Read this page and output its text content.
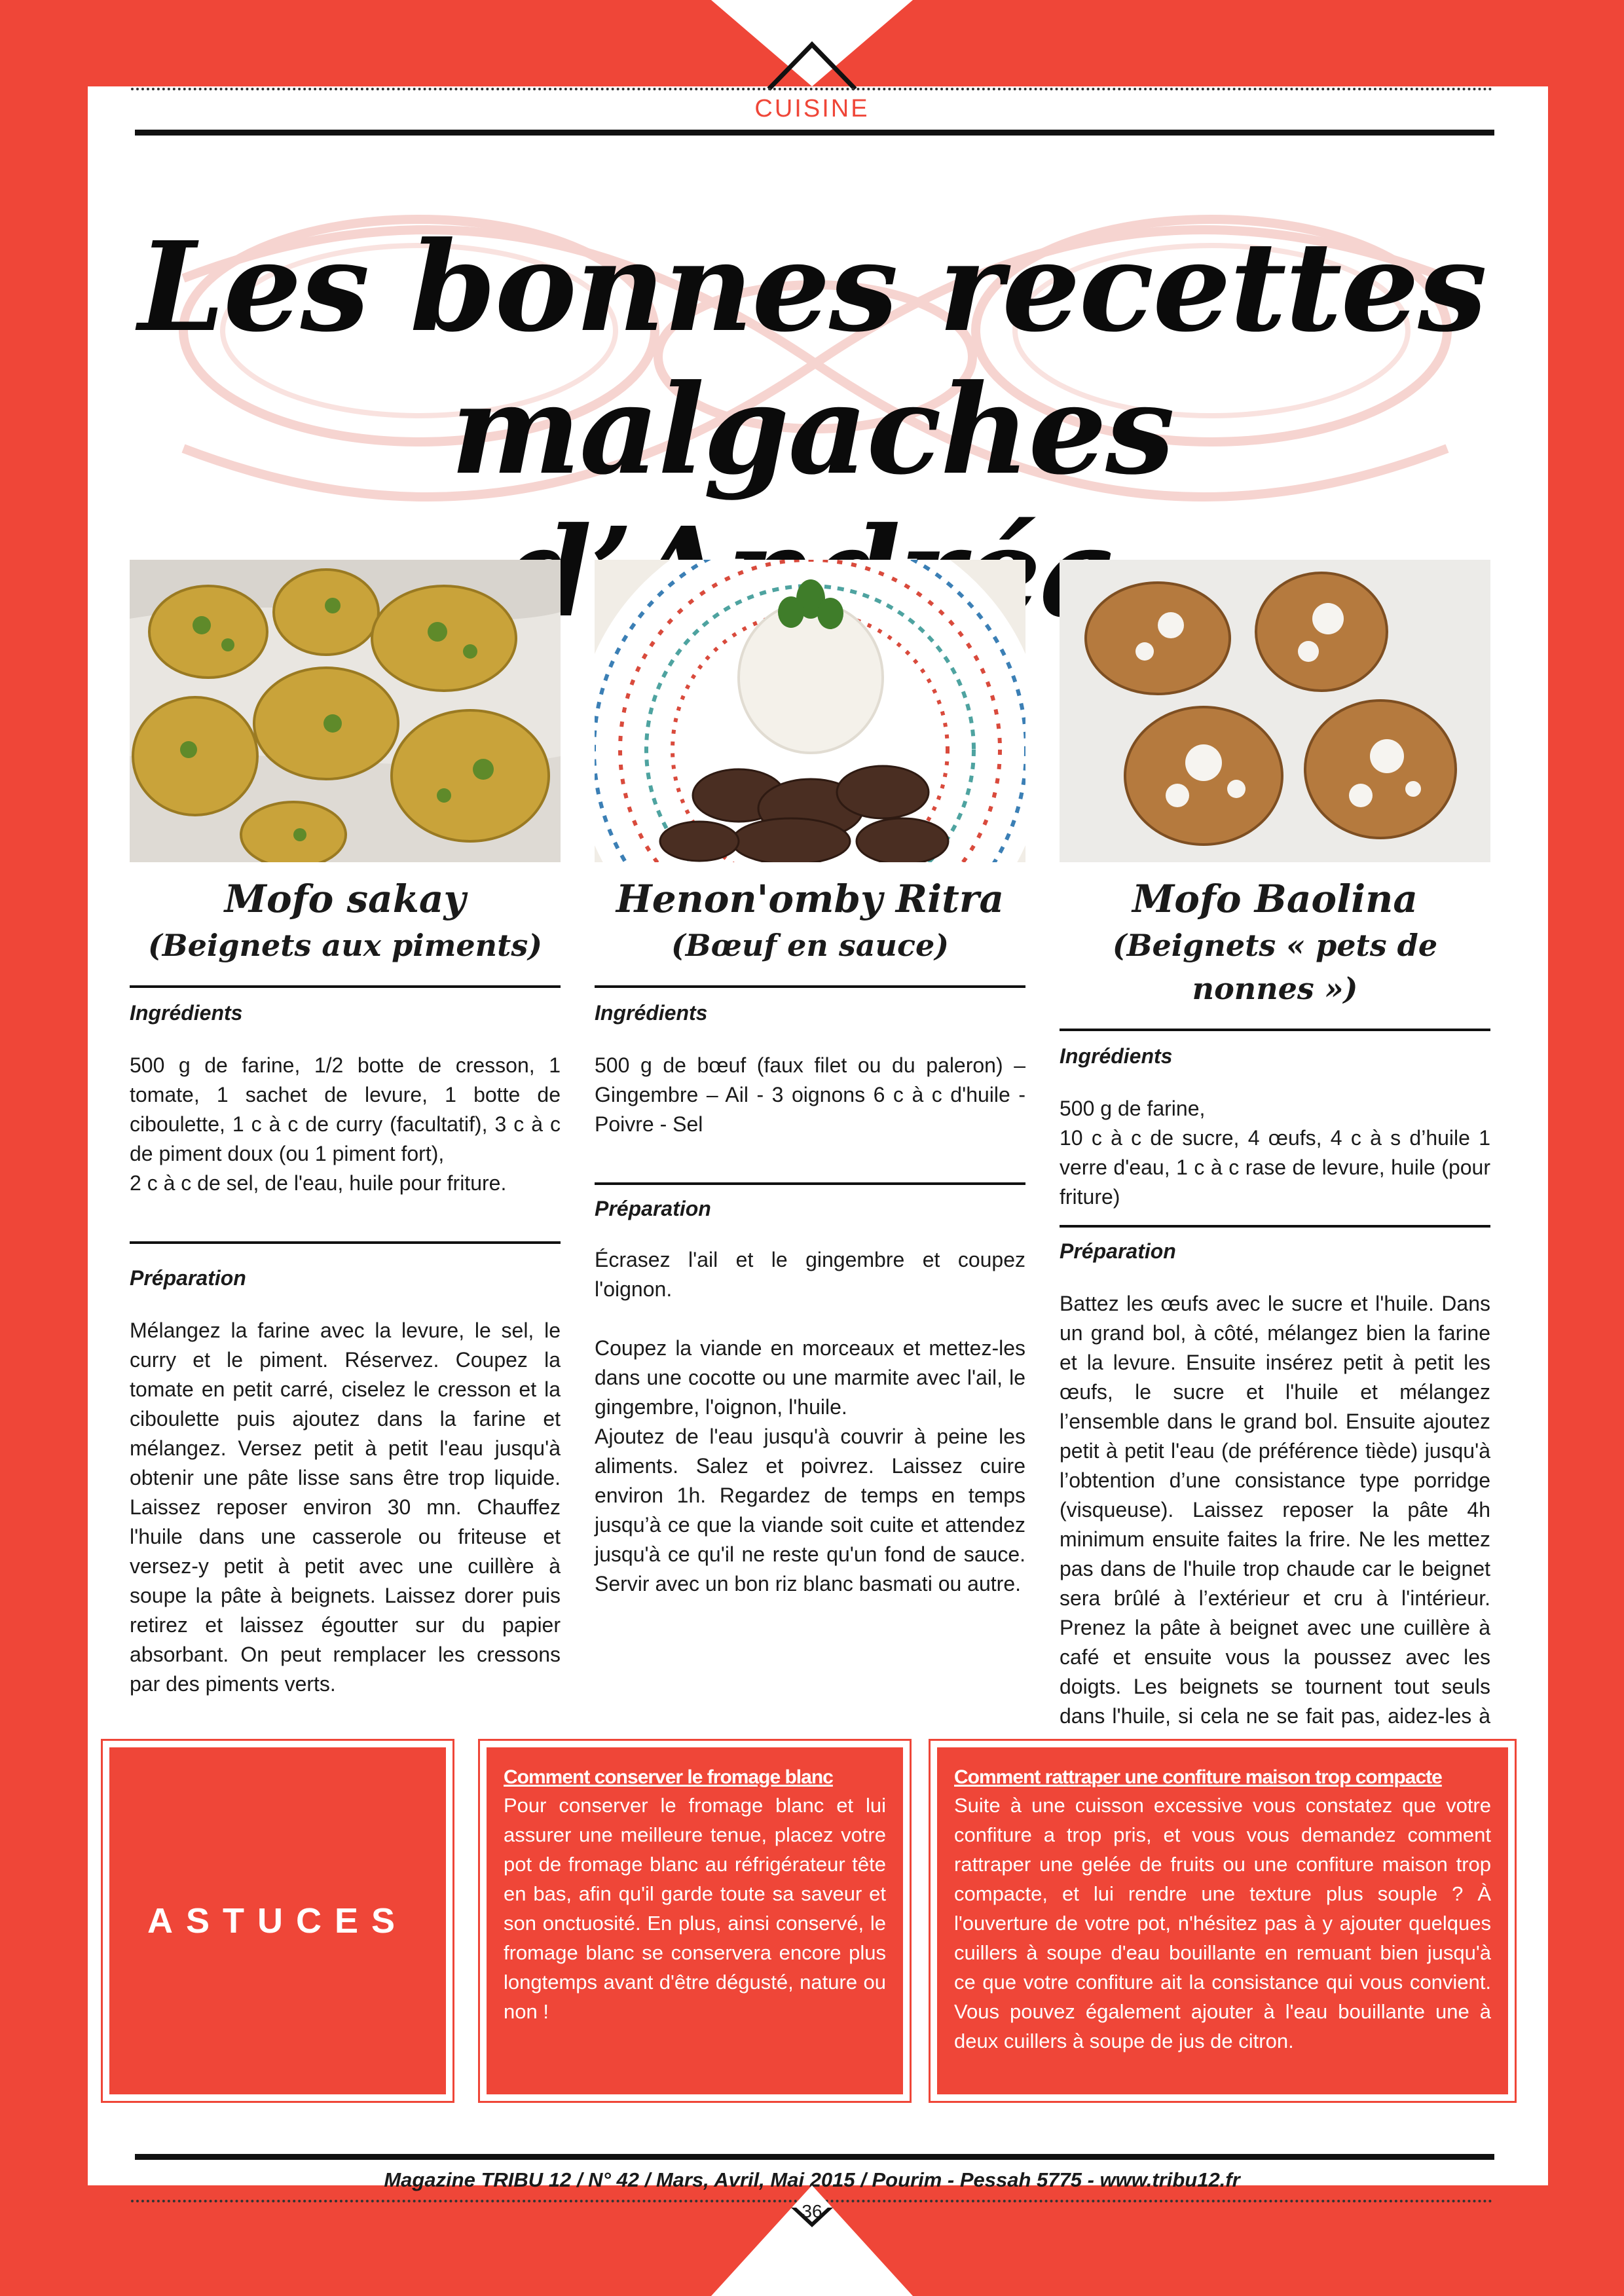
CUISINE
Les bonnes recettes
malgaches
Mofo sakay
(Beignets aux piments)
Ingrédients
500 g de farine, 1/2 botte de cresson, 1 tomate, 1 sachet de levure, 1 botte de ciboulette, 1 c à c de curry (facultatif), 3 c à c de piment doux (ou 1 piment fort),
2 c à c de sel, de l'eau, huile pour friture.
Préparation
Mélangez la farine avec la levure, le sel, le curry et le piment. Réservez. Coupez la tomate en petit carré, ciselez le cresson et la ciboulette puis ajoutez dans la farine et mélangez. Versez petit à petit l'eau jusqu'à obtenir une pâte lisse sans être trop liquide. Laissez reposer environ 30 mn. Chauffez l'huile dans une casserole ou friteuse et versez-y petit à petit avec une cuillère à soupe la pâte à beignets. Laissez dorer puis retirez et laissez égoutter sur du papier absorbant. On peut remplacer les cressons par des piments verts.
Henon'omby Ritra
(Bœuf en sauce)
Ingrédients
500 g de bœuf (faux filet ou du paleron) – Gingembre – Ail - 3 oignons 6 c à c d'huile - Poivre - Sel
Préparation
Écrasez l'ail et le gingembre et coupez l'oignon.
Coupez la viande en morceaux et mettez-les dans une cocotte ou une marmite avec l'ail, le gingembre, l'oignon, l'huile.
Ajoutez de l'eau jusqu'à couvrir à peine les aliments. Salez et poivrez. Laissez cuire environ 1h. Regardez de temps en temps jusqu’à ce que la viande soit cuite et attendez jusqu'à ce qu'il ne reste qu'un fond de sauce. Servir avec un bon riz blanc basmati ou autre.
Mofo Baolina
(Beignets « pets de nonnes »)
Ingrédients
500 g de farine,
10 c à c de sucre, 4 œufs, 4 c à s d’huile 1 verre d'eau, 1 c à c rase de levure, huile (pour friture)
Préparation
Battez les œufs avec le sucre et l'huile. Dans un grand bol, à côté, mélangez bien la farine et la levure. Ensuite insérez petit à petit les œufs, le sucre et l'huile et mélangez l’ensemble dans le grand bol. Ensuite ajoutez petit à petit l'eau (de préférence tiède) jusqu'à l’obtention d’une consistance type porridge (visqueuse). Laissez reposer la pâte 4h minimum ensuite faites la frire. Ne les mettez pas dans de l'huile trop chaude car le beignet sera brûlé à l’extérieur et cru à l'intérieur. Prenez la pâte à beignet avec une cuillère à café et ensuite vous la poussez avec les doigts. Les beignets se tournent tout seuls dans l'huile, si cela ne se fait pas, aidez-les à
ASTUCES
Comment conserver le fromage blanc
Pour conserver le fromage blanc et lui assurer une meilleure tenue, placez votre pot de fromage blanc au réfrigérateur tête en bas, afin qu'il garde toute sa saveur et son onctuosité. En plus, ainsi conservé, le fromage blanc se conservera encore plus longtemps avant d'être dégusté, nature ou non !
Comment rattraper une confiture maison trop compacte
Suite à une cuisson excessive vous constatez que votre confiture a trop pris, et vous vous demandez comment rattraper une gelée de fruits ou une confiture maison trop compacte, et lui rendre une texture plus souple ? À l'ouverture de votre pot, n'hésitez pas à y ajouter quelques cuillers à soupe d'eau bouillante en remuant bien jusqu'à ce que votre confiture ait la consistance qui vous convient. Vous pouvez également ajouter à l'eau bouillante une à deux cuillers à soupe de jus de citron.
Magazine TRIBU 12 / N° 42 / Mars, Avril, Mai 2015 / Pourim - Pessah 5775 - www.tribu12.fr
36
